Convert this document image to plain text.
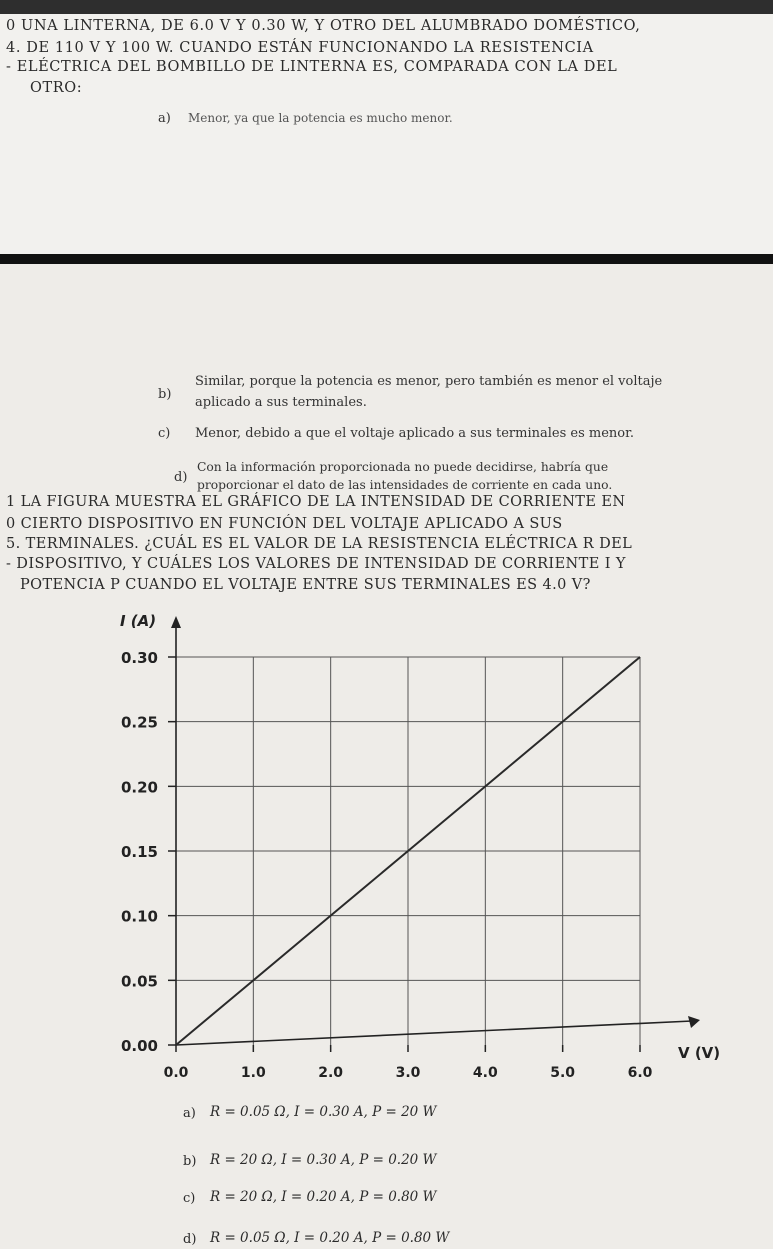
0 UNA LINTERNA, DE 6.0 V Y 0.30 W, Y OTRO DEL ALUMBRADO DOMÉSTICO,
4. DE 110 V Y 100 W. CUANDO ESTÁN FUNCIONANDO LA RESISTENCIA
- ELÉCTRICA DEL BOMBILLO DE LINTERNA ES, COMPARADA CON LA DEL
OTRO:
a) Menor, ya que la potencia es mucho menor.
b)
Similar, porque la potencia es menor, pero también es menor el voltaje
aplicado a sus terminales.
c) Menor, debido a que el voltaje aplicado a sus terminales es menor.
d)
Con la información proporcionada no puede decidirse, habría que
proporcionar el dato de las intensidades de corriente en cada uno.
1 LA FIGURA MUESTRA EL GRÁFICO DE LA INTENSIDAD DE CORRIENTE EN
0 CIERTO DISPOSITIVO EN FUNCIÓN DEL VOLTAJE APLICADO A SUS
5. TERMINALES. ¿CUÁL ES EL VALOR DE LA RESISTENCIA ELÉCTRICA R DEL
- DISPOSITIVO, Y CUÁLES LOS VALORES DE INTENSIDAD DE CORRIENTE I Y
POTENCIA P CUANDO EL VOLTAJE ENTRE SUS TERMINALES ES 4.0 V?
0.00
0.05
0.10
0.15
0.20
0.25
0.30
0.0	1.0	2.0	3.0	4.0	5.0	6.0
I (A)
V (V)
a) R = 0.05 Ω, I = 0.30 A, P = 20 W
b) R = 20 Ω, I = 0.30 A, P = 0.20 W
c) R = 20 Ω, I = 0.20 A, P = 0.80 W
d) R = 0.05 Ω, I = 0.20 A, P = 0.80 W
